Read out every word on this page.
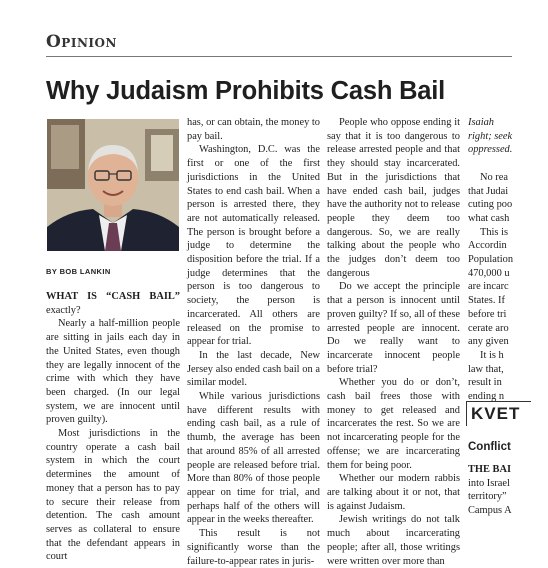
Opinion
Why Judaism Prohibits Cash Bail
BY BOB LANKIN

WHAT IS “CASH BAIL” exactly?

Nearly a half-million people are sitting in jails each day in the United States, even though they are legally innocent of the crime with which they have been charged. (In our legal system, we are innocent until proven guilty).

Most jurisdictions in the country operate a cash bail system in which the court determines the amount of money that a person has to pay to secure their release from detention. The cash amount serves as collateral to ensure that the defendant appears in court

has, or can obtain, the money to pay bail.

Washington, D.C. was the first or one of the first jurisdictions in the United States to end cash bail. When a person is arrested there, they are not automatically released. The person is brought before a judge to determine the disposition before the trial. If a judge determines that the person is too dangerous to society, the person is incarcerated. All others are released on the promise to appear for trial.

In the last decade, New Jersey also ended cash bail on a similar model.

While various jurisdictions have different results with ending cash bail, as a rule of thumb, the average has been that around 85% of all arrested people are released before trial. More than 80% of those people appear on time for trial, and perhaps half of the others will appear in the weeks thereafter.

This result is not significantly worse than the failure-to-appear rates in juris-

People who oppose ending it say that it is too dangerous to release arrested people and that they should stay incarcerated. But in the jurisdictions that have ended cash bail, judges have the authority not to release people they deem too dangerous. So, we are really talking about the people who the judges don’t deem too dangerous

Do we accept the principle that a person is innocent until proven guilty? If so, all of these arrested people are innocent. Do we really want to incarcerate innocent people before trial?

Whether you do or don’t, cash bail frees those with money to get released and incarcerates the rest. So we are not incarcerating people for the offense; we are incarcerating them for being poor.

Whether our modern rabbis are talking about it or not, that is against Judaism.

Jewish writings do not talk much about incarcerating people; after all, those writings were written over more than

Isaiah
right; seek
oppressed.
No rea
that Judai
cuting poo
what cash
This is
Accordin
Population
470,000 u
are incarc
States. If
before tri
cerate aro
any given
It is h
law that,
result in
ending n
KVET
Conflict

THE BAI

into Israel

territory”

Campus A
